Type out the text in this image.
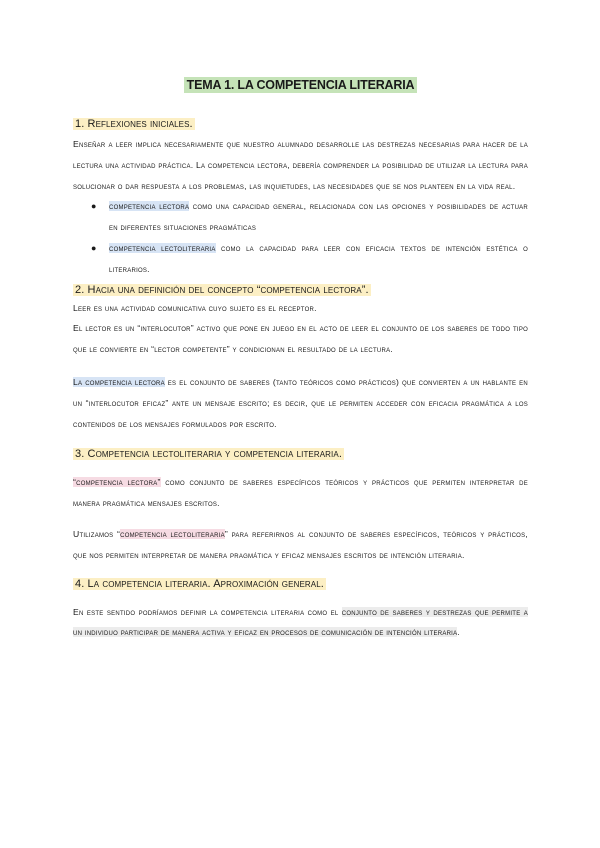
TEMA 1. LA COMPETENCIA LITERARIA
1. Reflexiones iniciales.

Enseñar a leer implica necesariamente que nuestro alumnado desarrolle las destrezas necesarias para hacer de la lectura una actividad práctica. La competencia lectora, debería comprender la posibilidad de utilizar la lectura para solucionar o dar respuesta a los problemas, las inquietudes, las necesidades que se nos planteen en la vida real.

● competencia lectora como una capacidad general, relacionada con las opciones y posibilidades de actuar en diferentes situaciones pragmáticas
● competencia lectoliteraria como la capacidad para leer con eficacia textos de intención estética o literarios.
2. Hacia una definición del concepto “competencia lectora”.

Leer es una actividad comunicativa cuyo sujeto es el receptor.

El lector es un “interlocutor” activo que pone en juego en el acto de leer el conjunto de los saberes de todo tipo que le convierte en “lector competente” y condicionan el resultado de la lectura.

La competencia lectora es el conjunto de saberes (tanto teóricos como prácticos) que convierten a un hablante en un “interlocutor eficaz” ante un mensaje escrito; es decir, que le permiten acceder con eficacia pragmática a los contenidos de los mensajes formulados por escrito.

3. Competencia lectoliteraria y competencia literaria.

“competencia lectora” como conjunto de saberes específicos teóricos y prácticos que permiten interpretar de manera pragmática mensajes escritos.

Utilizamos “competencia lectoliteraria” para referirnos al conjunto de saberes específicos, teóricos y prácticos, que nos permiten interpretar de manera pragmática y eficaz mensajes escritos de intención literaria.

4. La competencia literaria. Aproximación general.

En este sentido podríamos definir la competencia literaria como el conjunto de saberes y destrezas que permite a un individuo participar de manera activa y eficaz en procesos de comunicación de intención literaria.
